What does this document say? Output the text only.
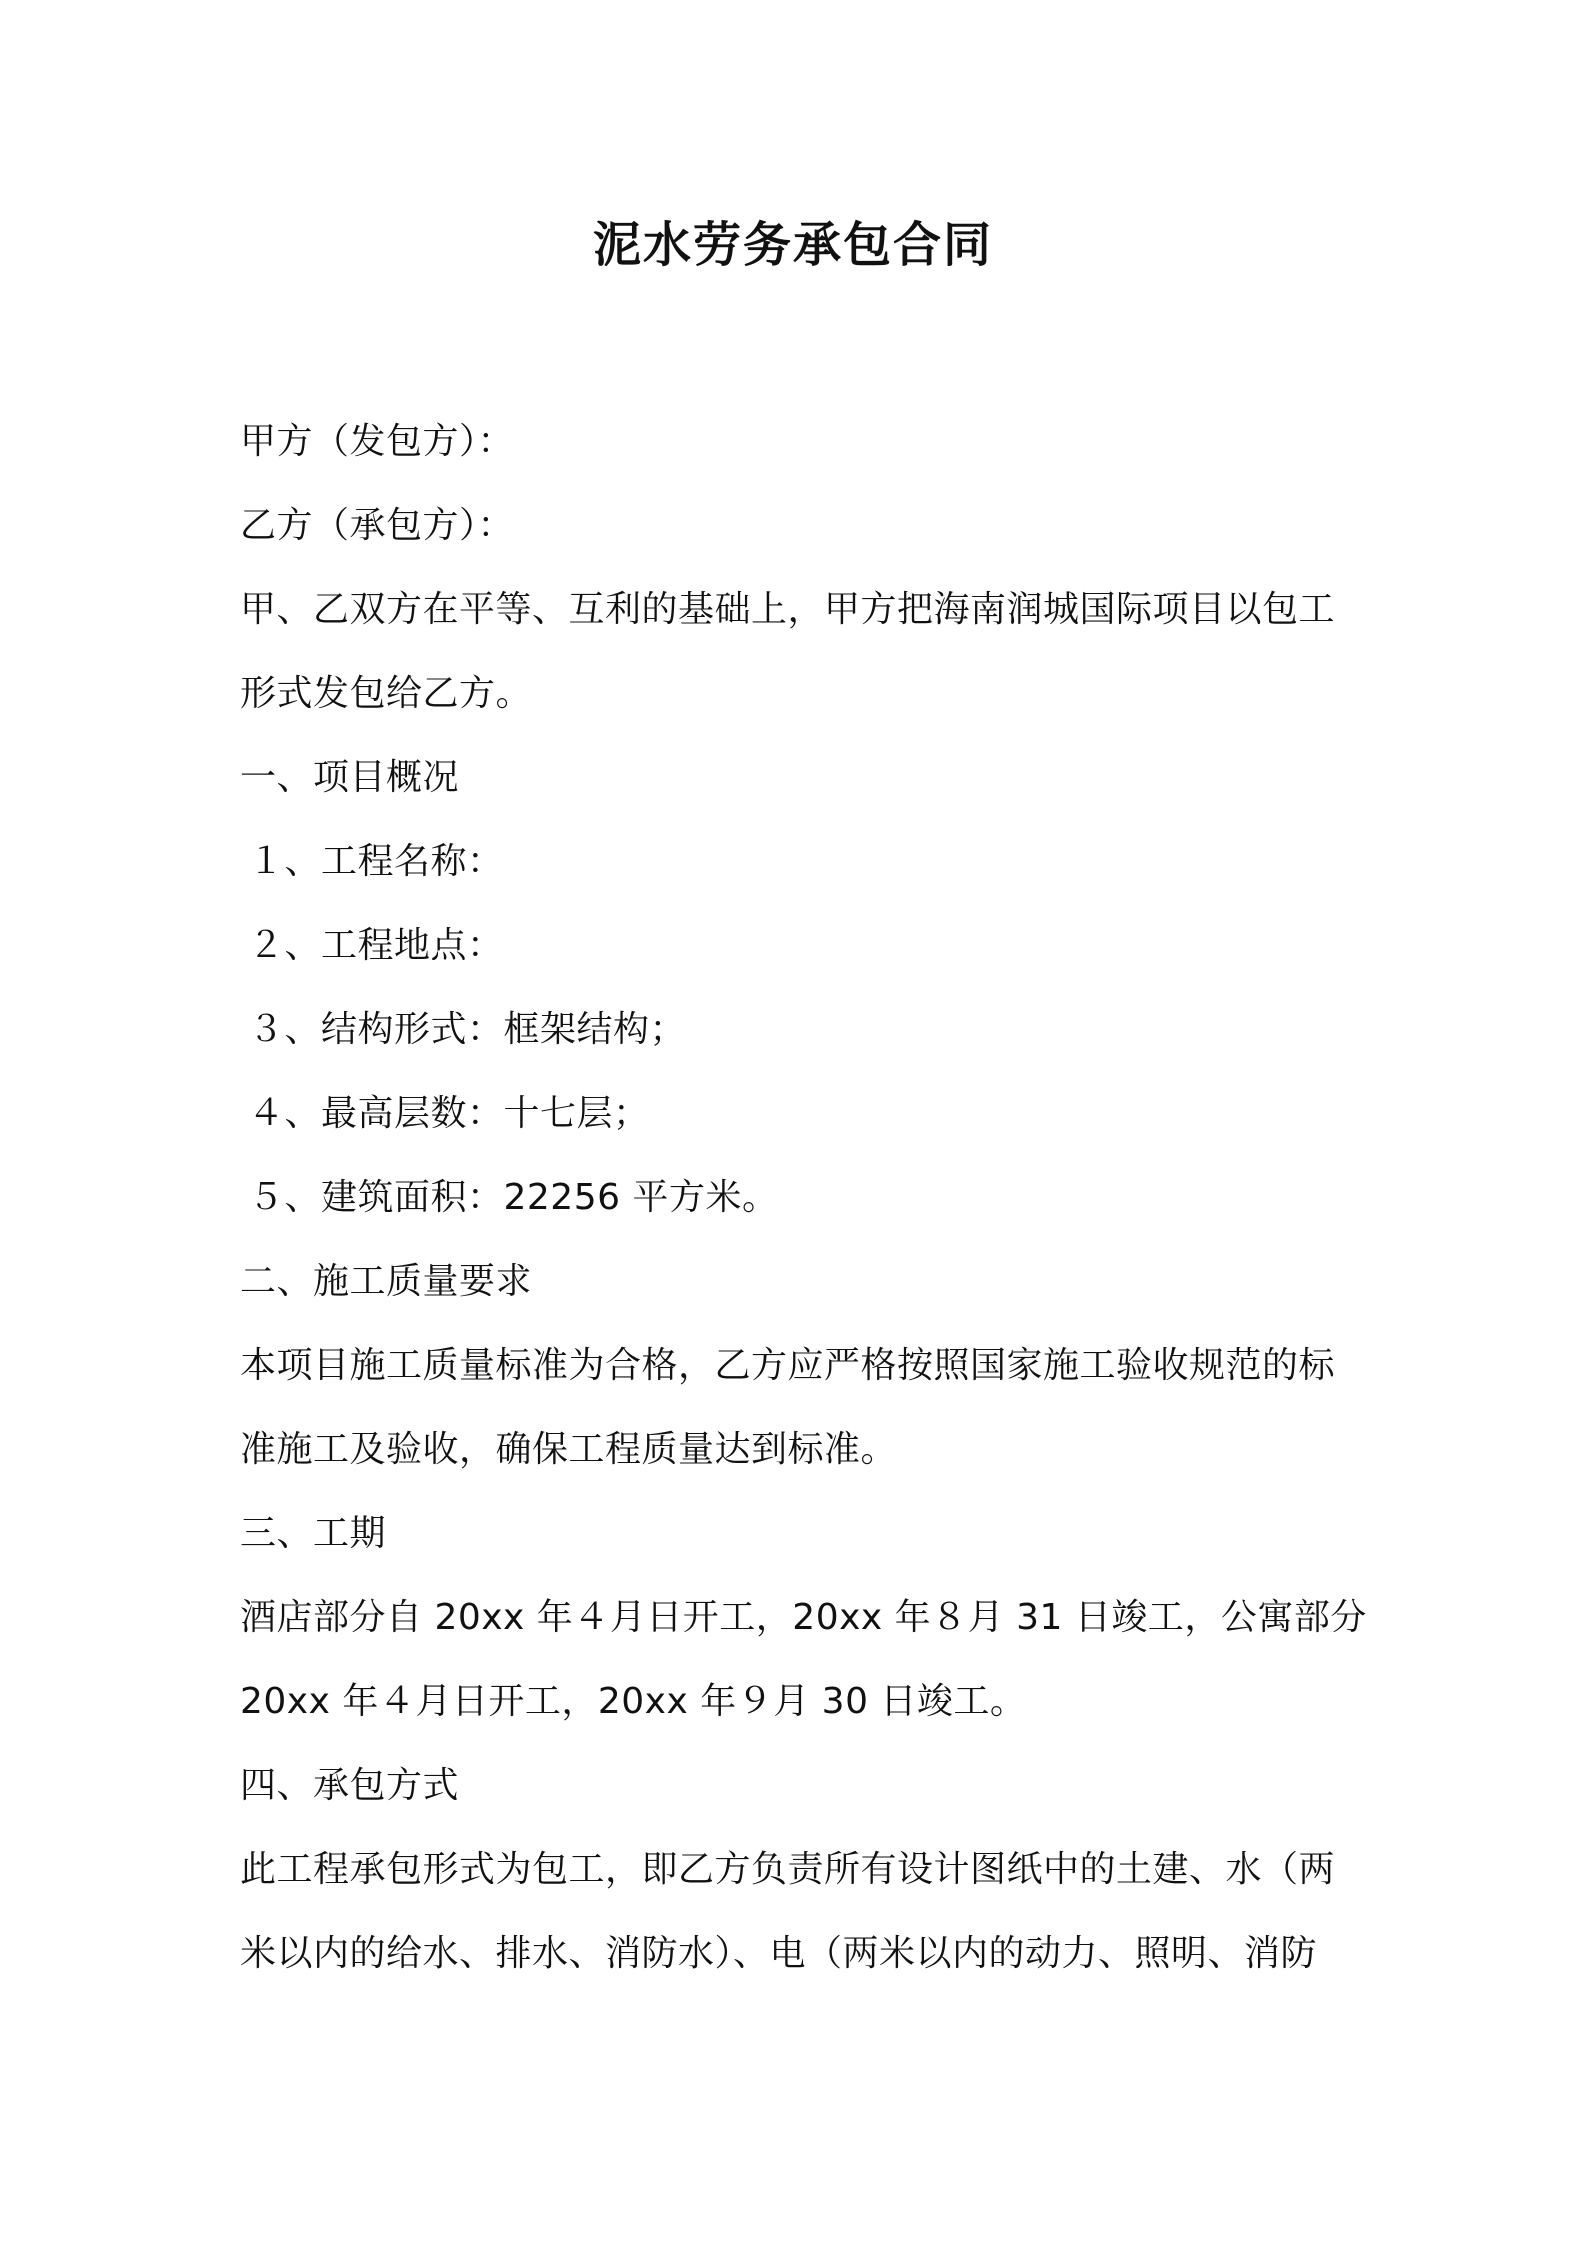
泥水劳务承包合同
甲方（发包方）：
乙方（承包方）：
甲、乙双方在平等、互利的基础上，甲方把海南润城国际项目以包工
形式发包给乙方。
一、项目概况
１、工程名称：
２、工程地点：
３、结构形式：框架结构；
４、最高层数：十七层；
５、建筑面积：22256 平方米。
二、施工质量要求
本项目施工质量标准为合格，乙方应严格按照国家施工验收规范的标
准施工及验收，确保工程质量达到标准。
三、工期
酒店部分自 20xx 年４月日开工，20xx 年８月 31 日竣工，公寓部分
20xx 年４月日开工，20xx 年９月 30 日竣工。
四、承包方式
此工程承包形式为包工，即乙方负责所有设计图纸中的土建、水（两
米以内的给水、排水、消防水）、电（两米以内的动力、照明、消防
